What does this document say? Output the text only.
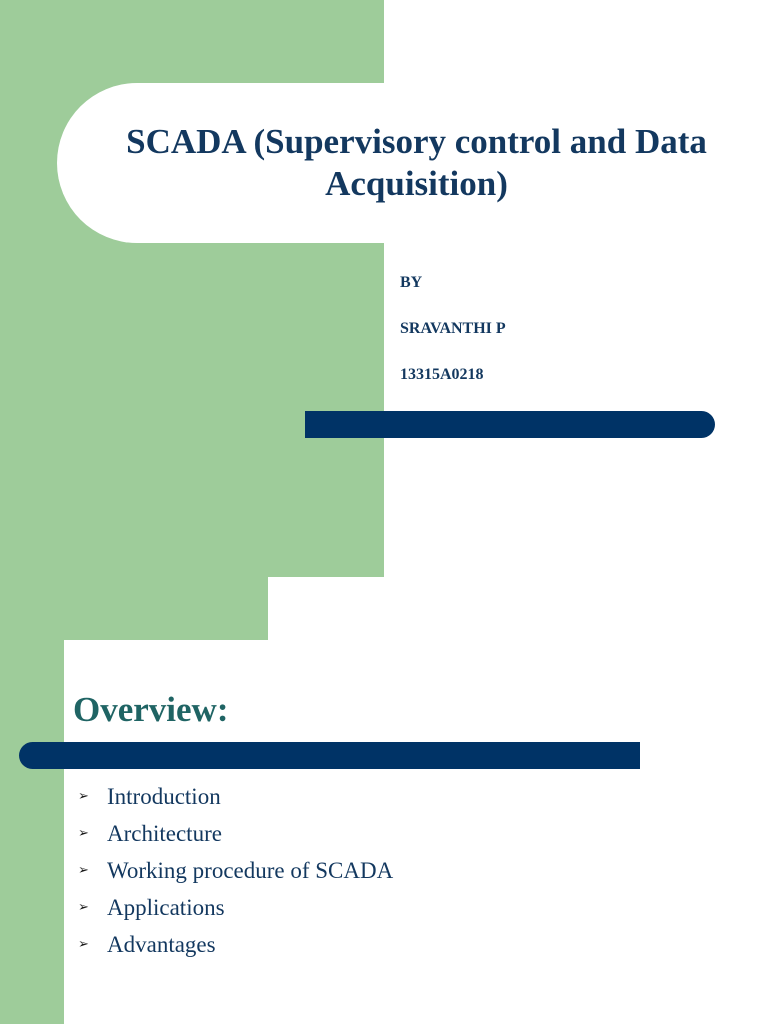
SCADA (Supervisory control and Data Acquisition)
BY
SRAVANTHI P
13315A0218
Overview:
➢ Introduction
➢ Architecture
➢ Working procedure of SCADA
➢ Applications
➢ Advantages
